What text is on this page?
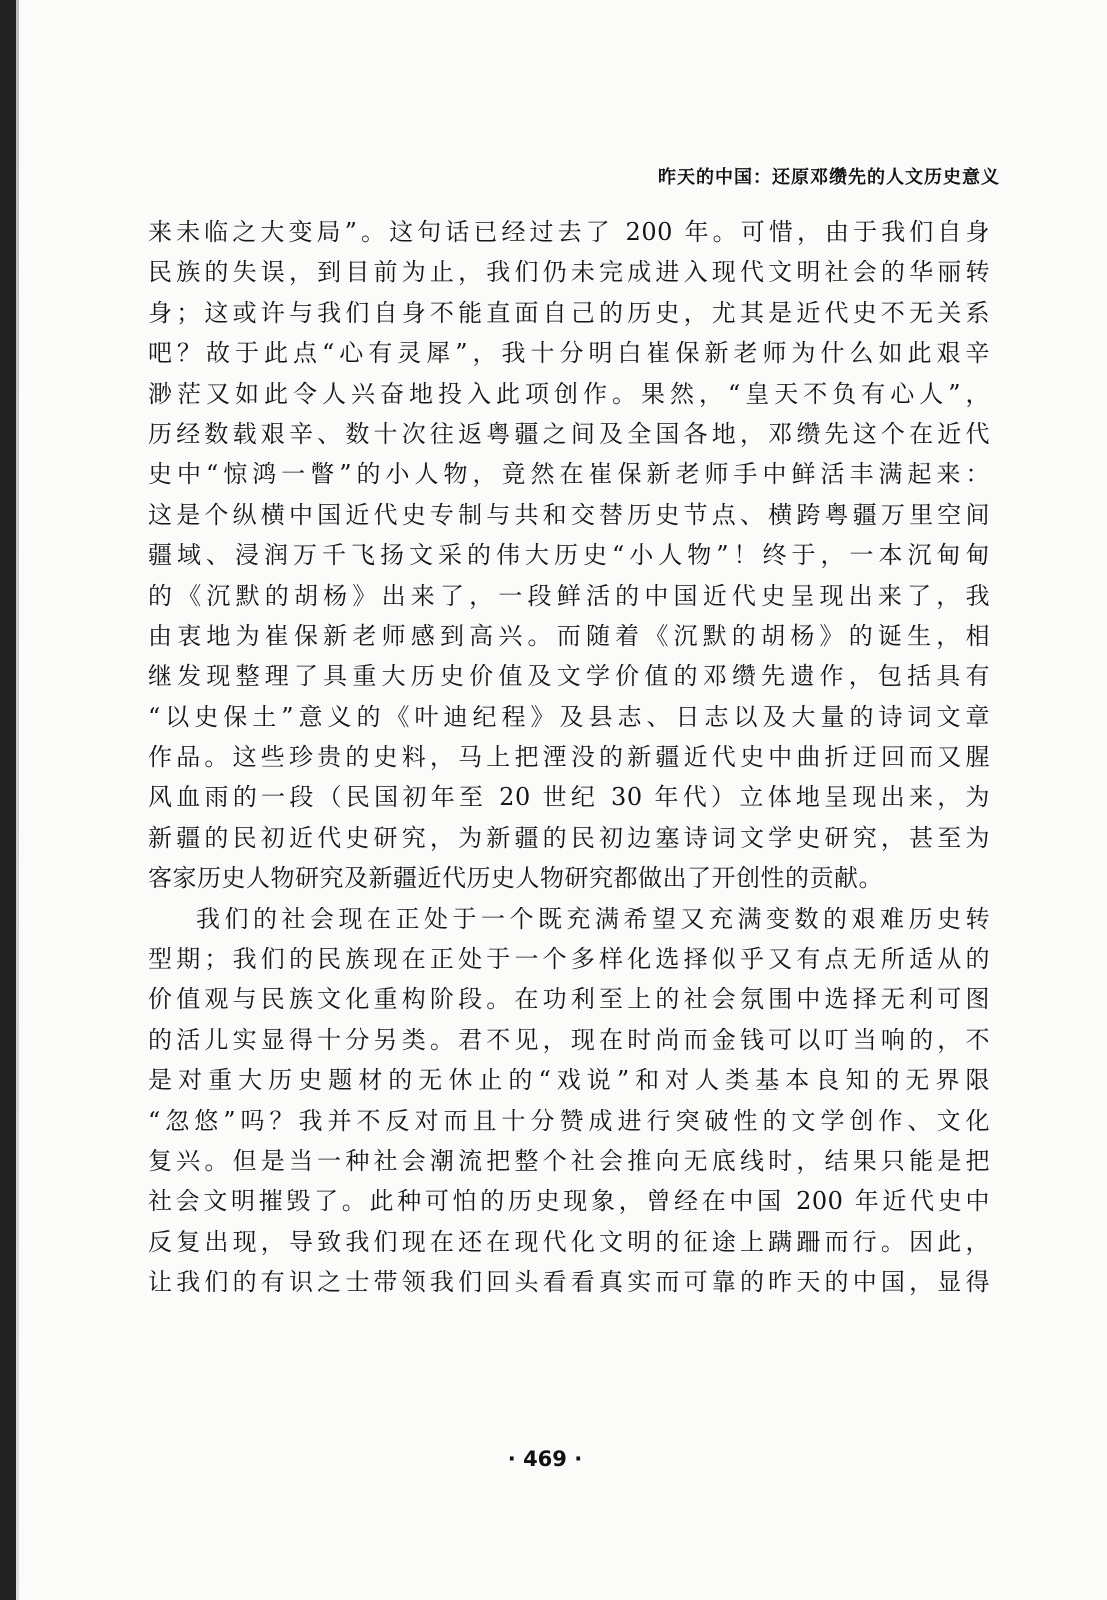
昨天的中国：还原邓缵先的人文历史意义
来未临之大变局”。这句话已经过去了 200 年。可惜，由于我们自身
民族的失误，到目前为止，我们仍未完成进入现代文明社会的华丽转
身；这或许与我们自身不能直面自己的历史，尤其是近代史不无关系
吧？故于此点“心有灵犀”，我十分明白崔保新老师为什么如此艰辛
渺茫又如此令人兴奋地投入此项创作。果然，“皇天不负有心人”，
历经数载艰辛、数十次往返粤疆之间及全国各地，邓缵先这个在近代
史中“惊鸿一瞥”的小人物，竟然在崔保新老师手中鲜活丰满起来：
这是个纵横中国近代史专制与共和交替历史节点、横跨粤疆万里空间
疆域、浸润万千飞扬文采的伟大历史“小人物”！终于，一本沉甸甸
的《沉默的胡杨》出来了，一段鲜活的中国近代史呈现出来了，我
由衷地为崔保新老师感到高兴。而随着《沉默的胡杨》的诞生，相
继发现整理了具重大历史价值及文学价值的邓缵先遗作，包括具有
“以史保土”意义的《叶迪纪程》及县志、日志以及大量的诗词文章
作品。这些珍贵的史料，马上把湮没的新疆近代史中曲折迂回而又腥
风血雨的一段（民国初年至 20 世纪 30 年代）立体地呈现出来，为
新疆的民初近代史研究，为新疆的民初边塞诗词文学史研究，甚至为
客家历史人物研究及新疆近代历史人物研究都做出了开创性的贡献。
我们的社会现在正处于一个既充满希望又充满变数的艰难历史转
型期；我们的民族现在正处于一个多样化选择似乎又有点无所适从的
价值观与民族文化重构阶段。在功利至上的社会氛围中选择无利可图
的活儿实显得十分另类。君不见，现在时尚而金钱可以叮当响的，不
是对重大历史题材的无休止的“戏说”和对人类基本良知的无界限
“忽悠”吗？我并不反对而且十分赞成进行突破性的文学创作、文化
复兴。但是当一种社会潮流把整个社会推向无底线时，结果只能是把
社会文明摧毁了。此种可怕的历史现象，曾经在中国 200 年近代史中
反复出现，导致我们现在还在现代化文明的征途上蹒跚而行。因此，
让我们的有识之士带领我们回头看看真实而可靠的昨天的中国，显得
· 469 ·
